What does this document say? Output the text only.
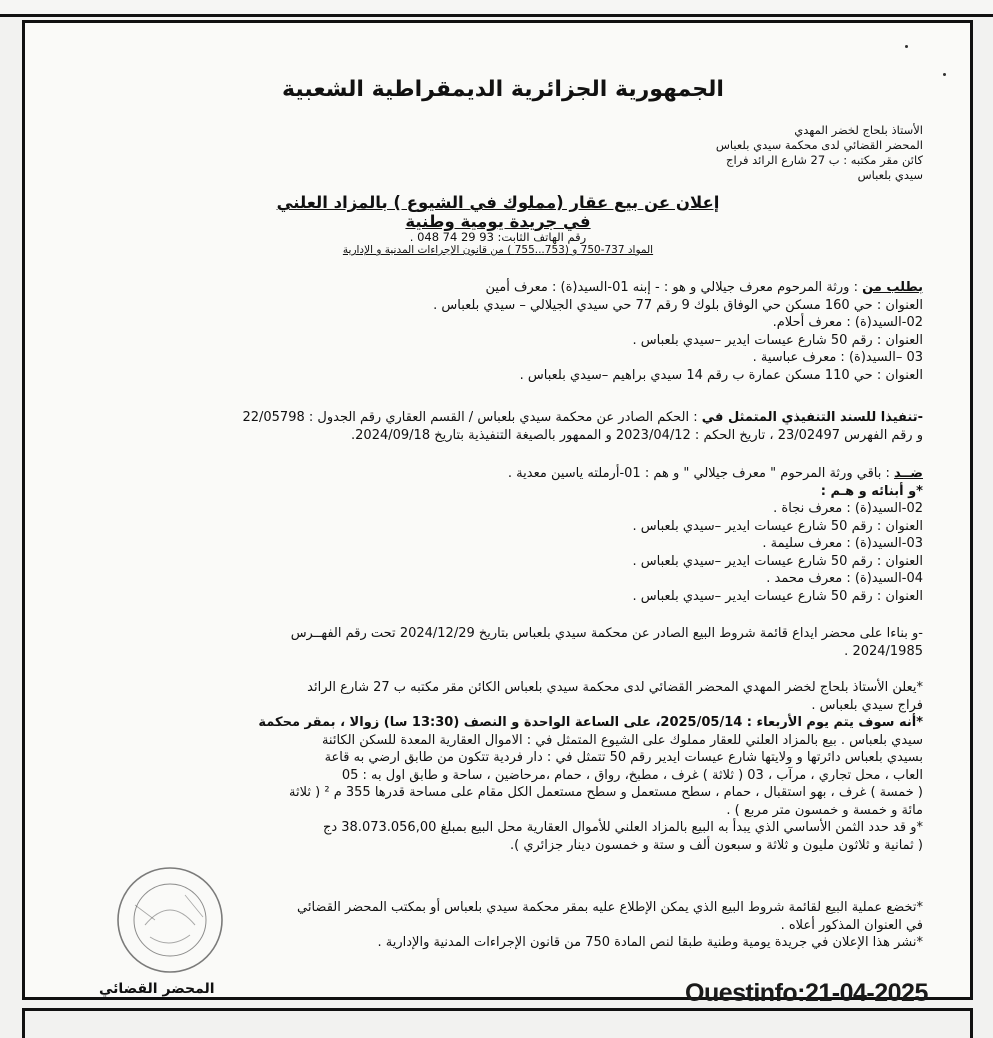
الجمهورية الجزائرية الديمقراطية الشعبية
الأستاذ بلحاج لخضر المهدي
المحضر القضائي لدى محكمة سيدي بلعباس
كائن مقر مكتبه : ب 27 شارع الرائد فراج
سيدي بلعباس
إعلان عن بيع عقار (مملوك في الشيوع ) بالمزاد العلني
في جريدة يومية وطنية
رقم الهاتف الثابت: 93 29 74 048 .
المواد 737-750 و (753...755 ) من قانون الإجراءات المدنية و الإدارية
بطلب من : ورثة المرحوم معرف جيلالي و هو : - إبنه 01-السيد(ة) : معرف أمين
العنوان : حي 160 مسكن حي الوفاق بلوك 9 رقم 77 حي سيدي الجيلالي – سيدي بلعباس .
02-السيد(ة) : معرف أحلام.
العنوان : رقم 50 شارع عيسات ايدير –سيدي بلعباس .
03 –السيد(ة) : معرف عباسية .
العنوان : حي 110 مسكن عمارة ب رقم 14 سيدي براهيم –سيدي بلعباس .
-تنفيذا للسند التنفيذي المتمثل في : الحكم الصادر عن محكمة سيدي بلعباس / القسم العقاري رقم الجدول : 22/05798
و رقم الفهرس 23/02497 ، تاريخ الحكم : 2023/04/12 و الممهور بالصيغة التنفيذية بتاريخ 2024/09/18.
ضــد : باقي ورثة المرحوم " معرف جيلالي " و هم : 01-أرملته ياسين معدية .
*و أبنائه و هـم :
02-السيد(ة) : معرف نجاة .
العنوان : رقم 50 شارع عيسات ايدير –سيدي بلعباس .
03-السيد(ة) : معرف سليمة .
العنوان : رقم 50 شارع عيسات ايدير –سيدي بلعباس .
04-السيد(ة) : معرف محمد .
العنوان : رقم 50 شارع عيسات ايدير –سيدي بلعباس .
-و بناءا على محضر ايداع قائمة شروط البيع الصادر عن محكمة سيدي بلعباس بتاريخ 2024/12/29 تحت رقم الفهــرس
2024/1985 .
*يعلن الأستاذ بلحاج لخضر المهدي المحضر القضائي لدى محكمة سيدي بلعباس الكائن مقر مكتبه ب 27 شارع الرائد
فراج سيدي بلعباس .
*أنه سوف يتم يوم الأربعاء : 2025/05/14، على الساعة الواحدة و النصف (13:30 سا) زوالا ، بمقر محكمة
سيدي بلعباس . بيع بالمزاد العلني للعقار مملوك على الشيوع المتمثل في : الاموال العقارية المعدة للسكن الكائنة
بسيدي بلعباس دائرتها و ولايتها شارع عيسات ايدير رقم 50 تتمثل في : دار فردية تتكون من طابق ارضي به قاعة
العاب ، محل تجاري ، مرآب ، 03 ( ثلاثة ) غرف ، مطبخ، رواق ، حمام ،مرحاضين ، ساحة و طابق اول به : 05
( خمسة ) غرف ، بهو استقبال ، حمام ، سطح مستعمل و سطح مستعمل الكل مقام على مساحة قدرها 355 م ² ( ثلاثة
مائة و خمسة و خمسون متر مربع ) .
*و قد حدد الثمن الأساسي الذي يبدأ به البيع بالمزاد العلني للأموال العقارية محل البيع بمبلغ 38.073.056,00 دج
( ثمانية و ثلاثون مليون و ثلاثة و سبعون ألف و ستة و خمسون دينار جزائري ).
*تخضع عملية البيع لقائمة شروط البيع الذي يمكن الإطلاع عليه بمقر محكمة سيدي بلعباس أو بمكتب المحضر القضائي
في العنوان المذكور أعلاه .
*نشر هذا الإعلان في جريدة يومية وطنية طبقا لنص المادة 750 من قانون الإجراءات المدنية والإدارية .
المحضر القضائي	Ouestinfo:21-04-2025
